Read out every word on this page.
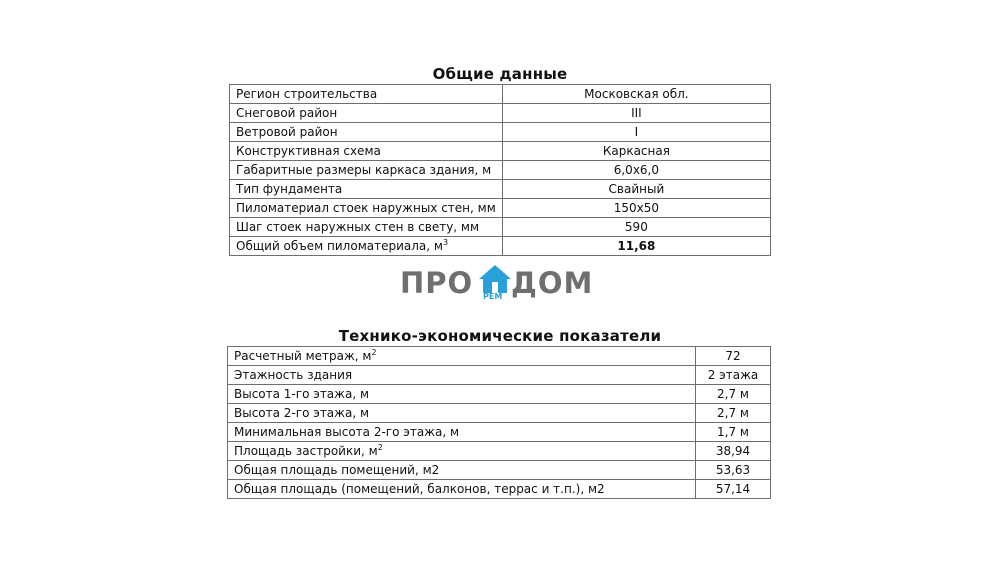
Общие данные
Регион строительства	Московская обл.
Снеговой район	III
Ветровой район	I
Конструктивная схема	Каркасная
Габаритные размеры каркаса здания, м	6,0x6,0
Тип фундамента	Свайный
Пиломатериал стоек наружных стен, мм	150x50
Шаг стоек наружных стен в свету, мм	590
Общий объем пиломатериала, $м^3$	11,68
ПРО РЕМ ДОМ
Технико-экономические показатели
Расчетный метраж, $м^2$	72
Этажность здания	2 этажа
Высота 1-го этажа, м	2,7 м
Высота 2-го этажа, м	2,7 м
Минимальная высота 2-го этажа, м	1,7 м
Площадь застройки, $м^2$	38,94
Общая площадь помещений, м2	53,63
Общая площадь (помещений, балконов, террас и т.п.), м2	57,14
